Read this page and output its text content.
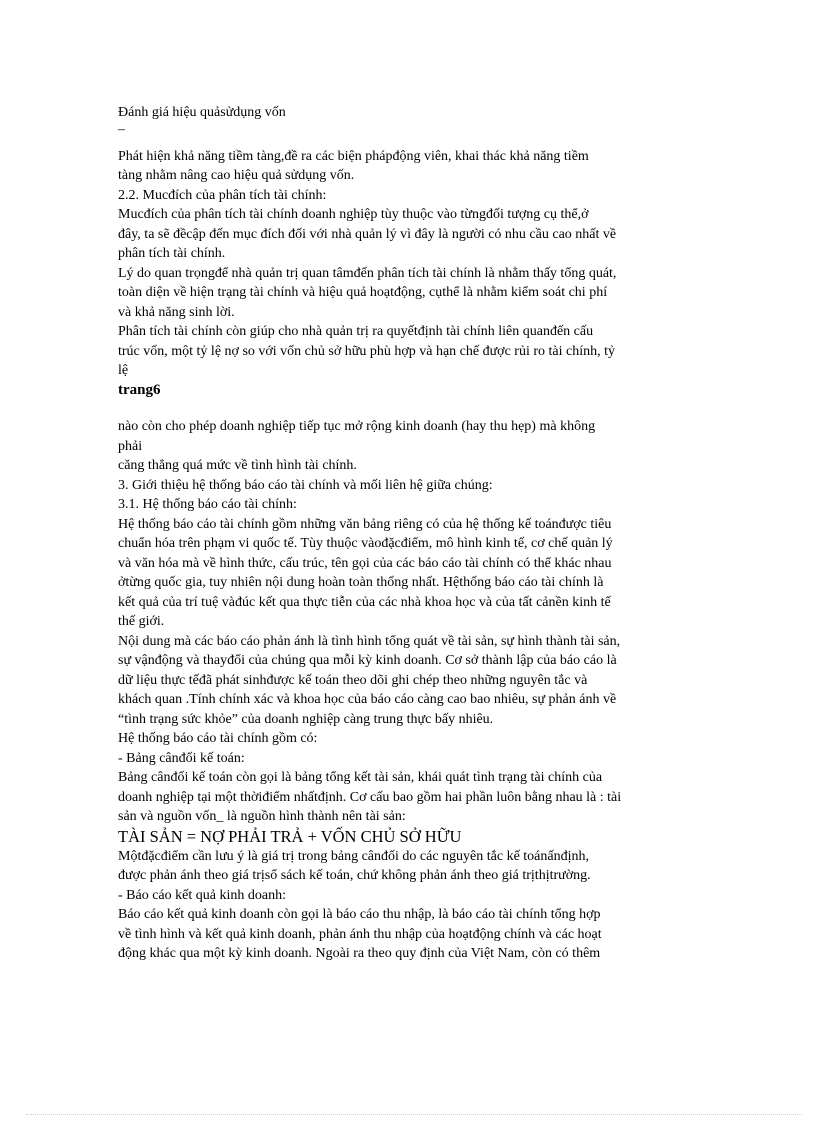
Đánh giá hiệu quảsửdụng vốn
–
Phát hiện khả năng tiềm tàng,đề ra các biện phápđộng viên, khai thác khả năng tiềm
tàng nhằm nâng cao hiệu quả sửdụng vốn.
2.2. Mucđích của phân tích tài chính:
Mucđích của phân tích tài chính doanh nghiệp tùy thuộc vào từngđối tượng cụ thể,ở
đây, ta sẽ đềcập đến mục đích đối với nhà quản lý vì đây là người có nhu cầu cao nhất về
phân tích tài chính.
Lý do quan trọngđể nhà quản trị quan tâmđến phân tích tài chính là nhằm thấy tổng quát,
toàn diện về hiện trạng tài chính và hiệu quả hoạtđộng, cụthể là nhằm kiểm soát chi phí
và khả năng sinh lời.
Phân tích tài chính còn giúp cho nhà quản trị ra quyếtđịnh tài chính liên quanđến cấu
trúc vốn, một tỷ lệ nợ so với vốn chủ sở hữu phù hợp và hạn chế được rủi ro tài chính, tỷ
lệ
trang6
nào còn cho phép doanh nghiệp tiếp tục mở rộng kinh doanh (hay thu hẹp) mà không
phải
căng thẳng quá mức về tình hình tài chính.
3. Giới thiệu hệ thống báo cáo tài chính và mối liên hệ giữa chúng:
3.1. Hệ thống báo cáo tài chính:
Hệ thống báo cáo tài chính gồm những văn bảng riêng có của hệ thống kế toánđược tiêu
chuẩn hóa trên phạm vi quốc tế. Tùy thuộc vàođặcđiểm, mô hình kinh tế, cơ chế quản lý
và văn hóa mà về hình thức, cấu trúc, tên gọi của các báo cáo tài chính có thể khác nhau
ởtừng quốc gia, tuy nhiên nội dung hoàn toàn thống nhất. Hệthống báo cáo tài chính là
kết quả của trí tuệ vàđúc kết qua thực tiễn của các nhà khoa học và của tất cảnền kinh tế
thế giới.
Nội dung mà các báo cáo phản ánh là tình hình tổng quát về tài sản, sự hình thành tài sản,
sự vậnđộng và thayđổi của chúng qua mỗi kỳ kinh doanh. Cơ sở thành lập của báo cáo là
dữ liệu thực tếđã phát sinhđược kế toán theo dõi ghi chép theo những nguyên tắc và
khách quan .Tính chính xác và khoa học của báo cáo càng cao bao nhiêu, sự phản ánh về
“tình trạng sức khỏe” của doanh nghiệp càng trung thực bấy nhiêu.
Hệ thống báo cáo tài chính gồm có:
- Bảng cânđối kế toán:
Bảng cânđối kế toán còn gọi là bảng tổng kết tài sản, khái quát tình trạng tài chính của
doanh nghiệp tại một thờiđiểm nhấtđịnh. Cơ cấu bao gồm hai phần luôn bằng nhau là : tài
sản và nguồn vốn_ là nguồn hình thành nên tài sản:
TÀI SẢN = NỢ PHẢI TRẢ + VỐN CHỦ SỞ HỮU
Mộtđặcđiểm cần lưu ý là giá trị trong bảng cânđối do các nguyên tắc kế toánấnđịnh,
được phản ánh theo giá trịsổ sách kế toán, chứ không phản ánh theo giá trịthịtrường.
- Báo cáo kết quả kinh doanh:
Báo cáo kết quả kinh doanh còn gọi là báo cáo thu nhập, là báo cáo tài chính tổng hợp
về tình hình và kết quả kinh doanh, phản ánh thu nhập của hoạtđộng chính và các hoạt
động khác qua một kỳ kinh doanh. Ngoài ra theo quy định của Việt Nam, còn có thêm
